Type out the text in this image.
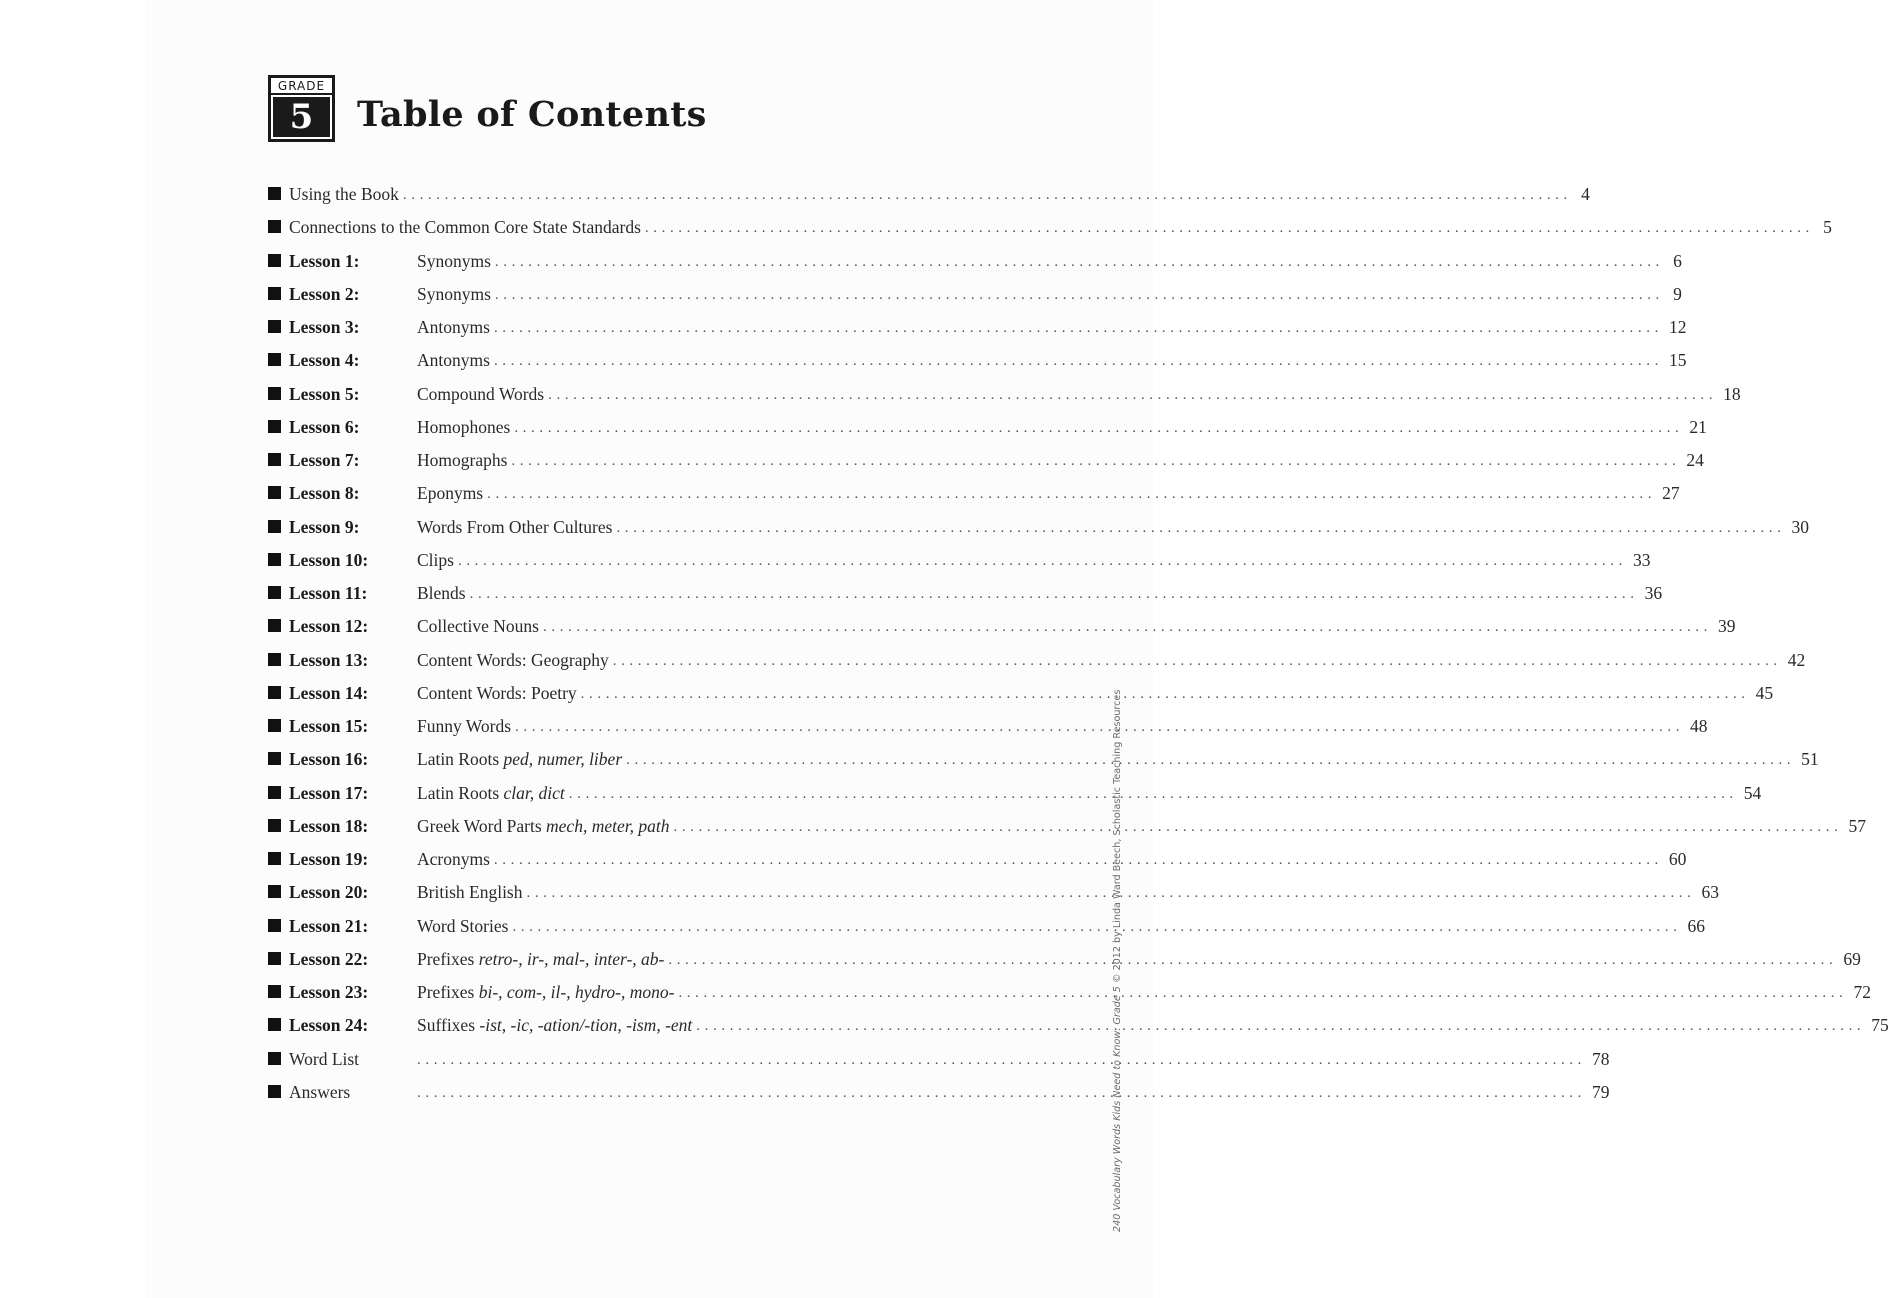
GRADE
5	Table of Contents
Using the Book ............................................................................................................................................ 4
Connections to the Common Core State Standards ............................................................................................................................................ 5
Lesson 1:	Synonyms ............................................................................................................................................ 6
Lesson 2:	Synonyms ............................................................................................................................................ 9
Lesson 3:	Antonyms ............................................................................................................................................ 12
Lesson 4:	Antonyms ............................................................................................................................................ 15
Lesson 5:	Compound Words ............................................................................................................................................ 18
Lesson 6:	Homophones ............................................................................................................................................ 21
Lesson 7:	Homographs ............................................................................................................................................ 24
Lesson 8:	Eponyms ............................................................................................................................................ 27
Lesson 9:	Words From Other Cultures ............................................................................................................................................ 30
Lesson 10:	Clips ............................................................................................................................................ 33
Lesson 11:	Blends ............................................................................................................................................ 36
Lesson 12:	Collective Nouns ............................................................................................................................................ 39
Lesson 13:	Content Words: Geography ............................................................................................................................................ 42
Lesson 14:	Content Words: Poetry ............................................................................................................................................ 45
Lesson 15:	Funny Words ............................................................................................................................................ 48
Lesson 16:	Latin Roots ped, numer, liber ............................................................................................................................................ 51
Lesson 17:	Latin Roots clar, dict ............................................................................................................................................ 54
Lesson 18:	Greek Word Parts mech, meter, path ............................................................................................................................................ 57
Lesson 19:	Acronyms ............................................................................................................................................ 60
Lesson 20:	British English ............................................................................................................................................ 63
Lesson 21:	Word Stories ............................................................................................................................................ 66
Lesson 22:	Prefixes retro-, ir-, mal-, inter-, ab- ............................................................................................................................................ 69
Lesson 23:	Prefixes bi-, com-, il-, hydro-, mono- ............................................................................................................................................ 72
Lesson 24:	Suffixes -ist, -ic, -ation/-tion, -ism, -ent ............................................................................................................................................ 75
Word List	............................................................................................................................................ 78
Answers	............................................................................................................................................ 79
240 Vocabulary Words Kids Need to Know: Grade 5 © 2012 by Linda Ward Beech, Scholastic Teaching Resources
